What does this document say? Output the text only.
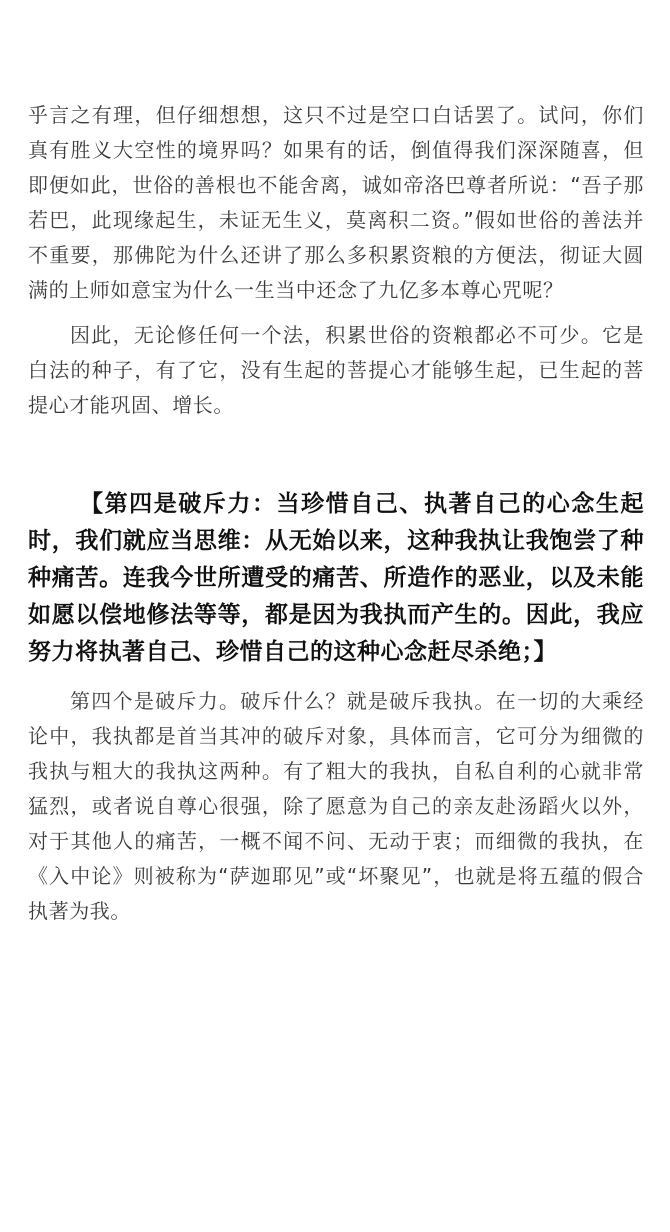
乎言之有理，但仔细想想，这只不过是空口白话罢了。试问，你们真有胜义大空性的境界吗？如果有的话，倒值得我们深深随喜，但即便如此，世俗的善根也不能舍离，诚如帝洛巴尊者所说：“吾子那若巴，此现缘起生，未证无生义，莫离积二资。”假如世俗的善法并不重要，那佛陀为什么还讲了那么多积累资粮的方便法，彻证大圆满的上师如意宝为什么一生当中还念了九亿多本尊心咒呢？

因此，无论修任何一个法，积累世俗的资粮都必不可少。它是白法的种子，有了它，没有生起的菩提心才能够生起，已生起的菩提心才能巩固、增长。

【第四是破斥力：当珍惜自己、执著自己的心念生起时，我们就应当思维：从无始以来，这种我执让我饱尝了种种痛苦。连我今世所遭受的痛苦、所造作的恶业，以及未能如愿以偿地修法等等，都是因为我执而产生的。因此，我应努力将执著自己、珍惜自己的这种心念赶尽杀绝；】

第四个是破斥力。破斥什么？就是破斥我执。在一切的大乘经论中，我执都是首当其冲的破斥对象，具体而言，它可分为细微的我执与粗大的我执这两种。有了粗大的我执，自私自利的心就非常猛烈，或者说自尊心很强，除了愿意为自己的亲友赴汤蹈火以外，对于其他人的痛苦，一概不闻不问、无动于衷；而细微的我执，在《入中论》则被称为“萨迦耶见”或“坏聚见”，也就是将五蕴的假合执著为我。
